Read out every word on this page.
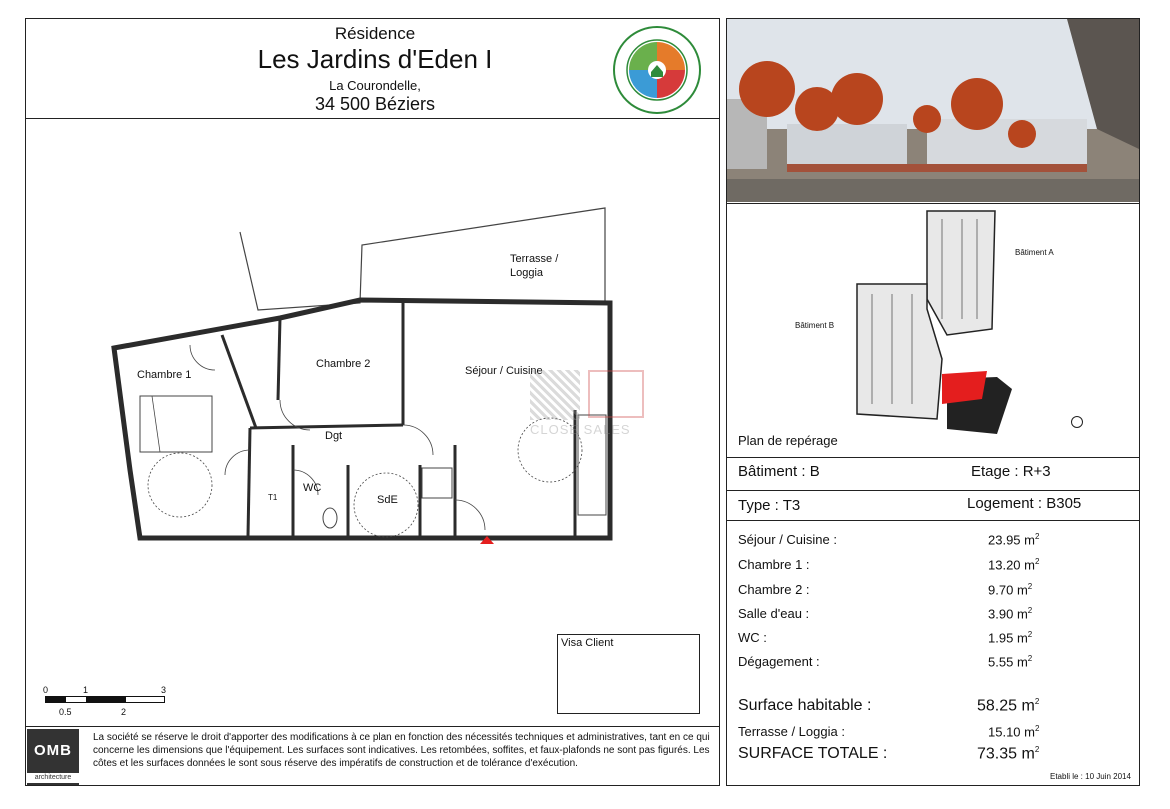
Résidence
Les Jardins d'Eden I
La Courondelle,
34 500 Béziers
Terrasse /
Loggia
Chambre 1
Chambre 2
Séjour / Cuisine
Dgt
WC
SdE
T1
CLOSE SALES
Visa Client
0	1	3
0.5	2
OMB
architecture
La société se réserve le droit d'apporter des modifications à ce plan en fonction des nécessités techniques et administratives, tant en ce qui concerne les dimensions que l'équipement. Les surfaces sont indicatives. Les retombées, soffites, et faux-plafonds ne sont pas figurés. Les côtes et les surfaces données le sont sous réserve des impératifs de construction et de tolérance d'exécution.
Bâtiment A
Bâtiment B
Plan de repérage
Bâtiment : B	Etage : R+3
Type : T3	Logement : B305
Séjour / Cuisine :	23.95 $m^2$
Chambre 1 :	13.20 $m^2$
Chambre 2 :	9.70 $m^2$
Salle d'eau :	3.90 $m^2$
WC :	1.95 $m^2$
Dégagement :	5.55 $m^2$
Surface habitable :	58.25 $m^2$
Terrasse / Loggia :	15.10 $m^2$
SURFACE TOTALE :	73.35 $m^2$
Etabli le : 10 Juin 2014
